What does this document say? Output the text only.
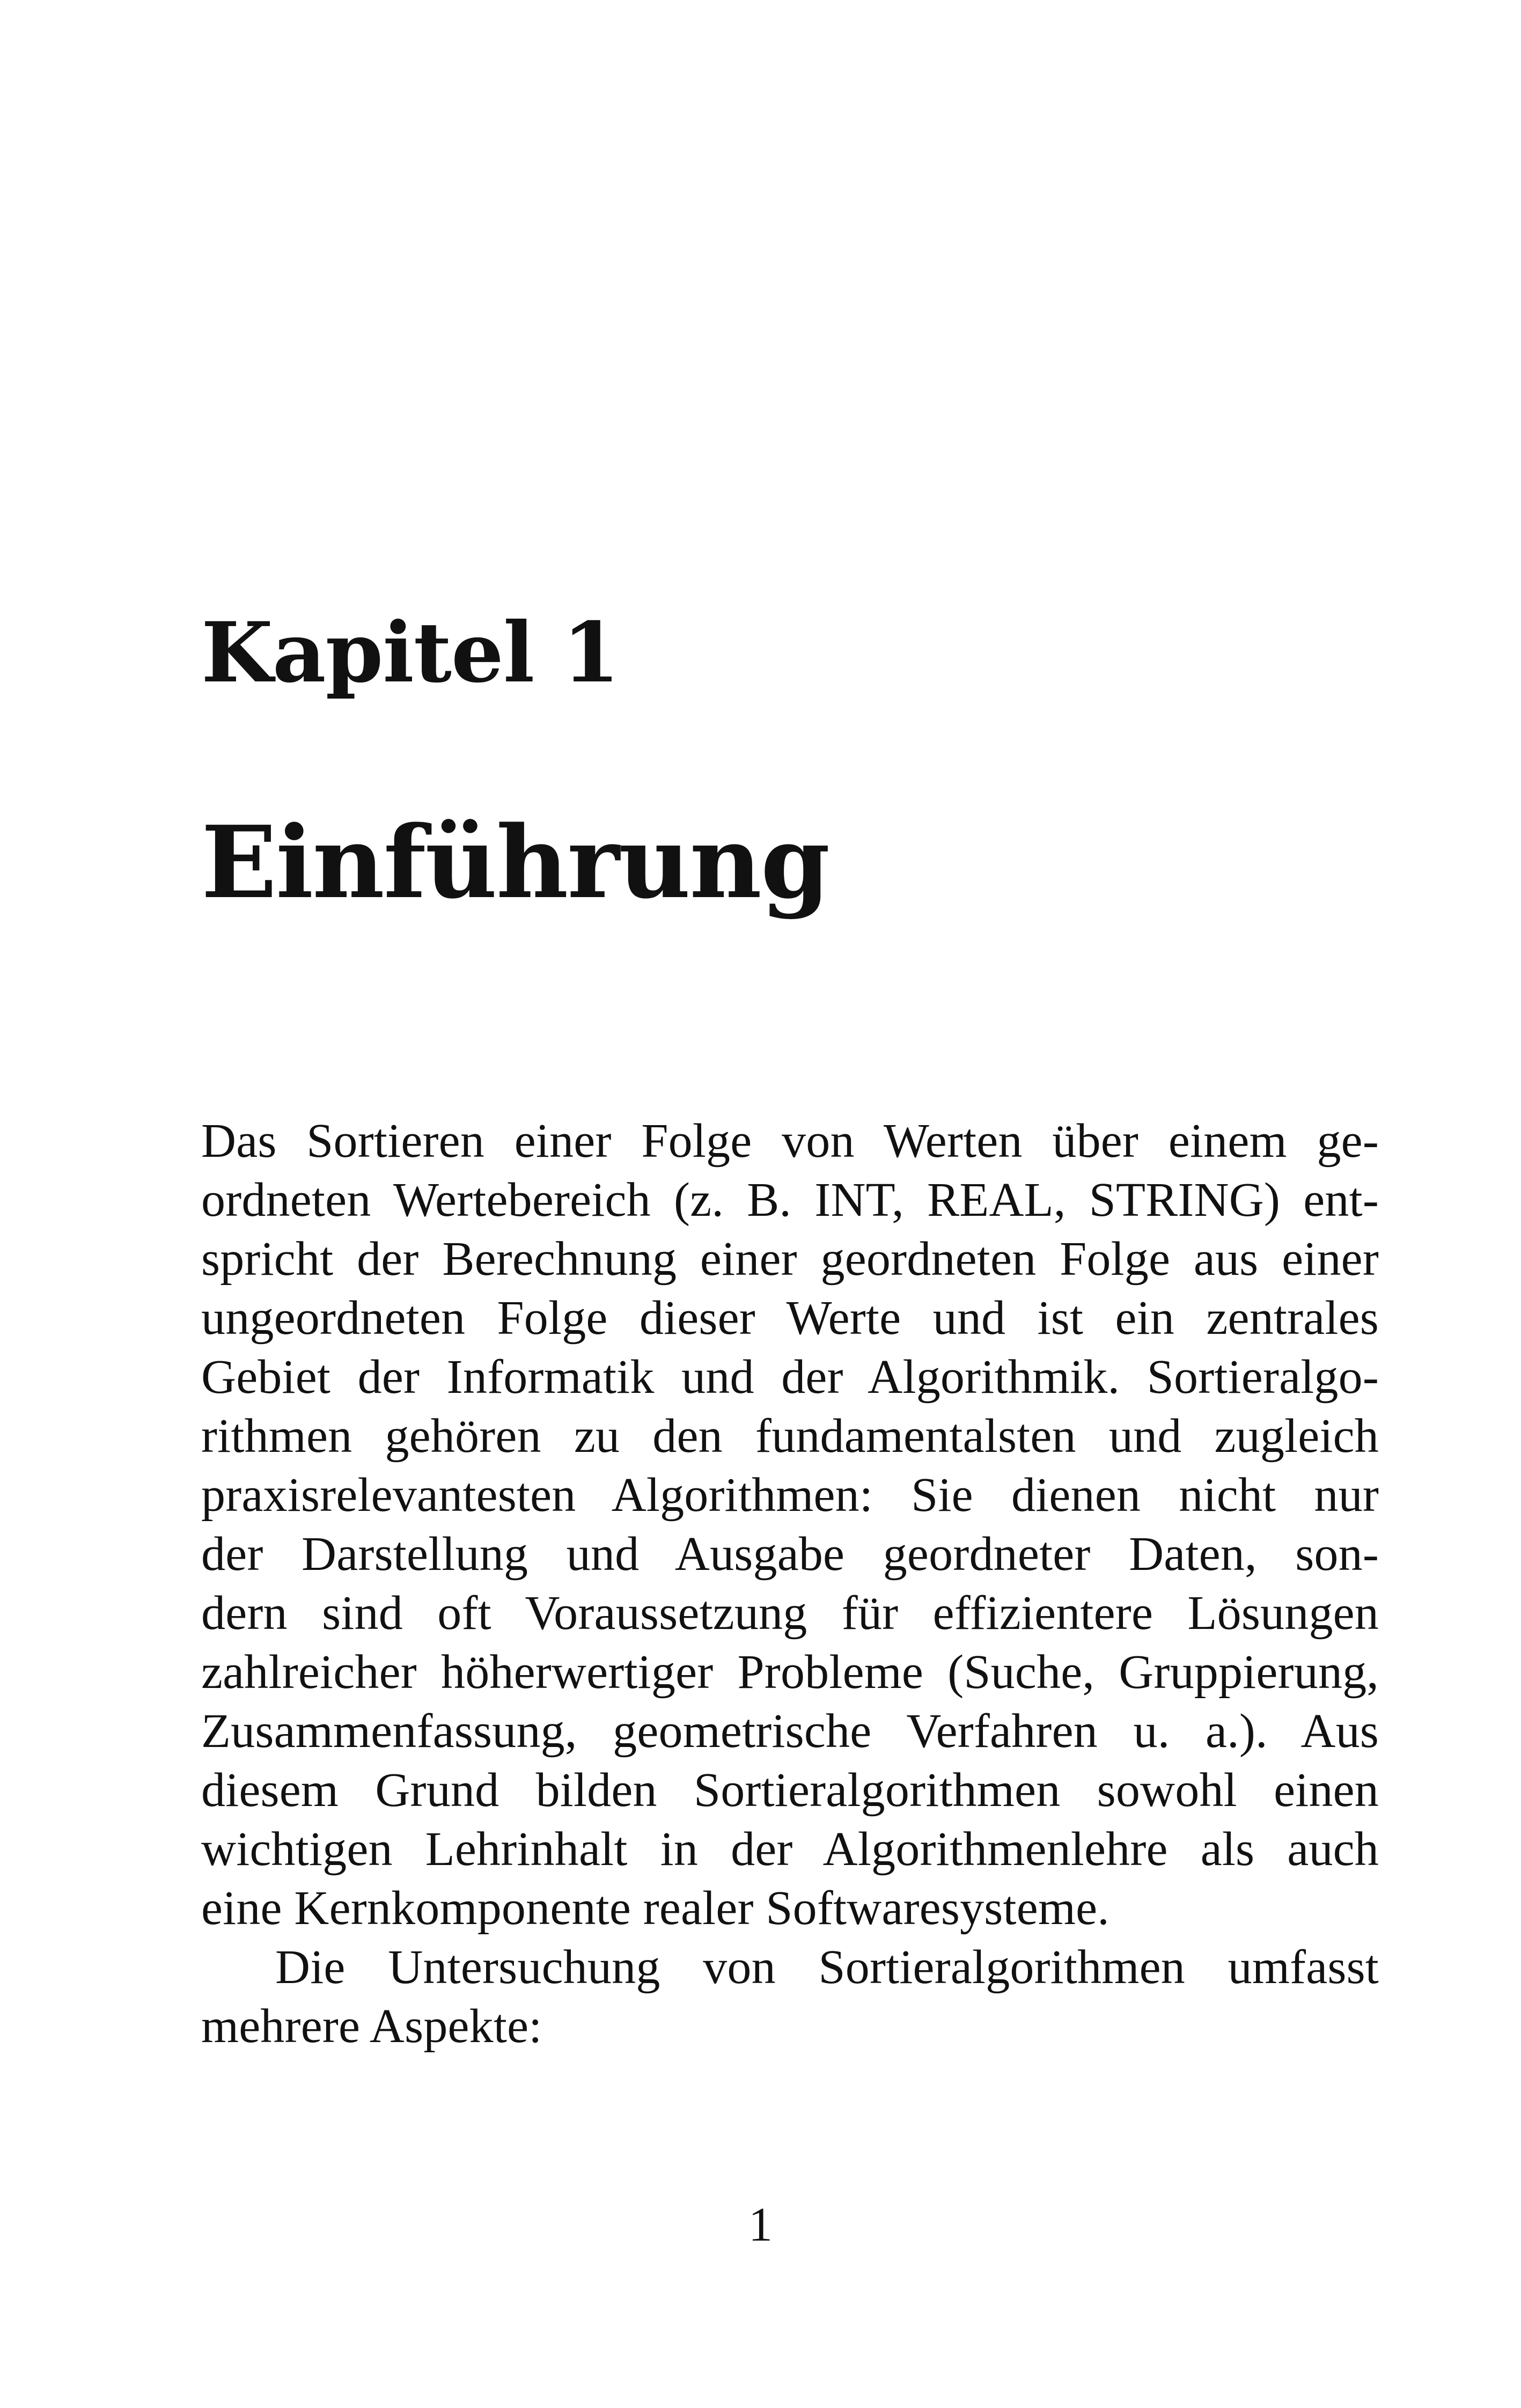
Kapitel 1
Einführung
Das Sortieren einer Folge von Werten über einem ge-
ordneten Wertebereich (z. B. INT, REAL, STRING) ent-
spricht der Berechnung einer geordneten Folge aus einer
ungeordneten Folge dieser Werte und ist ein zentrales
Gebiet der Informatik und der Algorithmik. Sortieralgo-
rithmen gehören zu den fundamentalsten und zugleich
praxisrelevantesten Algorithmen: Sie dienen nicht nur
der Darstellung und Ausgabe geordneter Daten, son-
dern sind oft Voraussetzung für effizientere Lösungen
zahlreicher höherwertiger Probleme (Suche, Gruppierung,
Zusammenfassung, geometrische Verfahren u. a.). Aus
diesem Grund bilden Sortieralgorithmen sowohl einen
wichtigen Lehrinhalt in der Algorithmenlehre als auch
eine Kernkomponente realer Softwaresysteme.
Die Untersuchung von Sortieralgorithmen umfasst
mehrere Aspekte:

1
